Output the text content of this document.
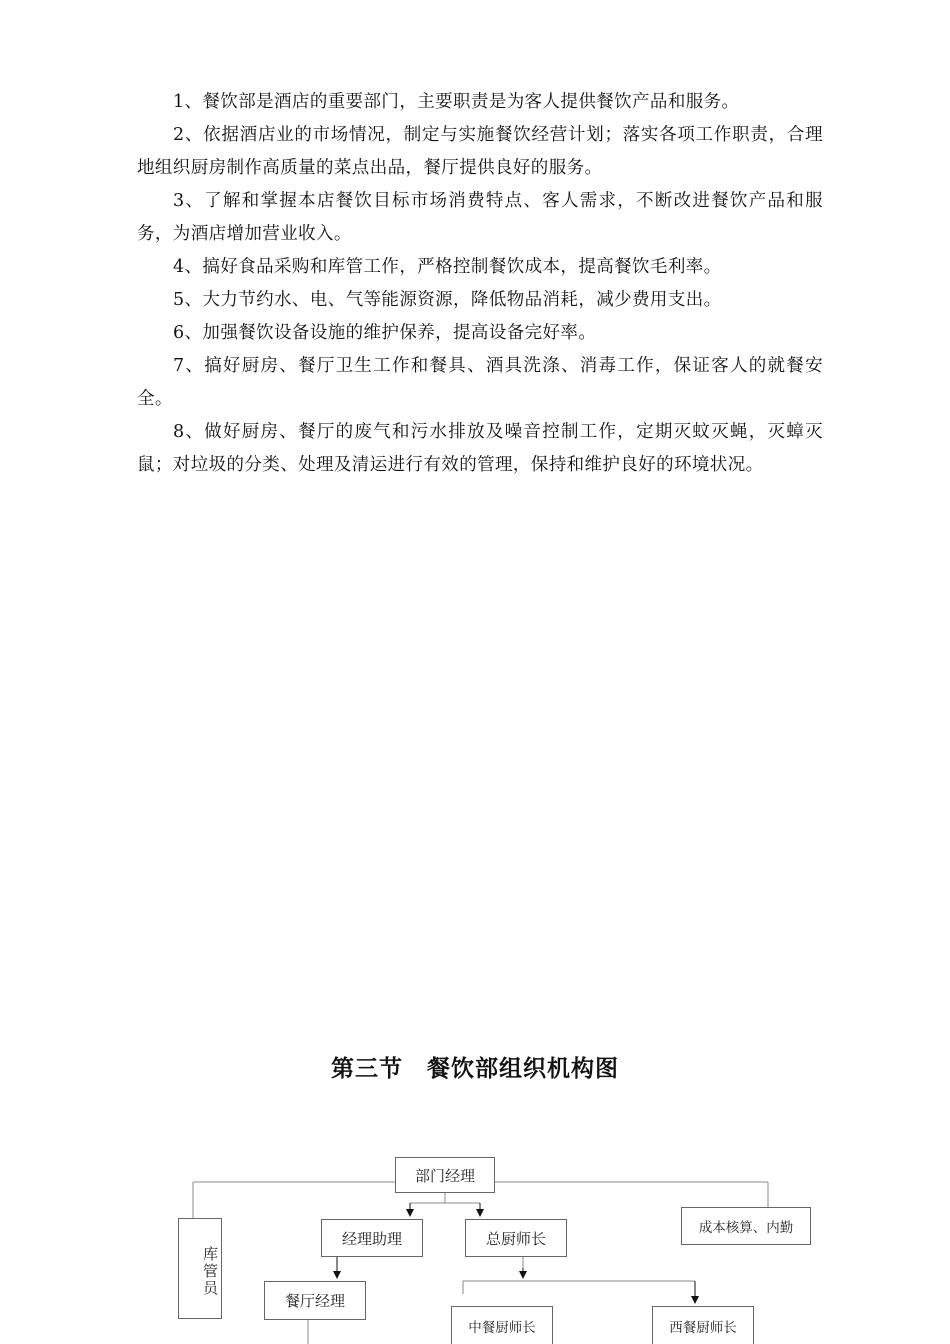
1、餐饮部是酒店的重要部门，主要职责是为客人提供餐饮产品和服务。

2、依据酒店业的市场情况，制定与实施餐饮经营计划；落实各项工作职责，合理地组织厨房制作高质量的菜点出品，餐厅提供良好的服务。

3、了解和掌握本店餐饮目标市场消费特点、客人需求，不断改进餐饮产品和服务，为酒店增加营业收入。

4、搞好食品采购和库管工作，严格控制餐饮成本，提高餐饮毛利率。

5、大力节约水、电、气等能源资源，降低物品消耗，减少费用支出。

6、加强餐饮设备设施的维护保养，提高设备完好率。

7、搞好厨房、餐厅卫生工作和餐具、酒具洗涤、消毒工作，保证客人的就餐安全。

8、做好厨房、餐厅的废气和污水排放及噪音控制工作，定期灭蚊灭蝇，灭蟑灭鼠；对垃圾的分类、处理及清运进行有效的管理，保持和维护良好的环境状况。

第三节　餐饮部组织机构图
部门经理
库管员
经理助理	总厨师长
成本核算、内勤
餐厅经理
中餐厨师长	西餐厨师长
